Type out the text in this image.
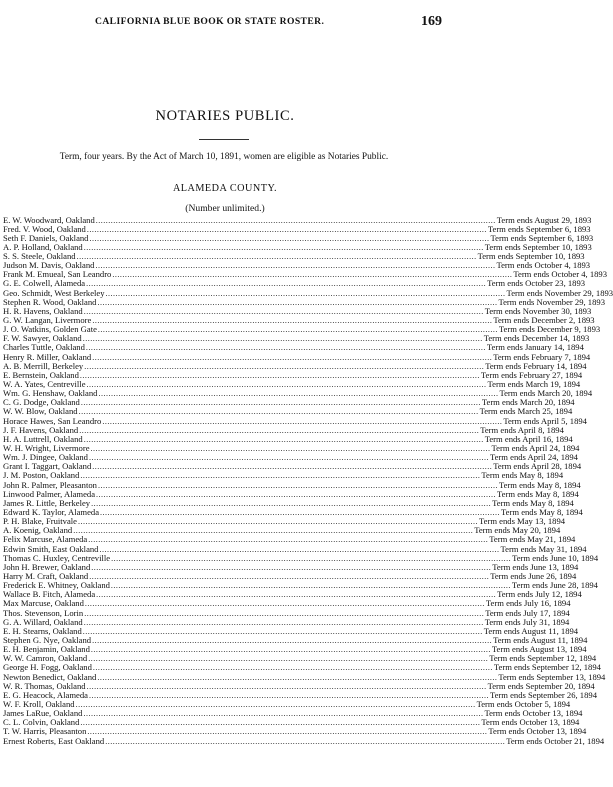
CALIFORNIA BLUE BOOK OR STATE ROSTER.	169
NOTARIES PUBLIC.
Term, four years. By the Act of March 10, 1891, women are eligible as Notaries Public.
ALAMEDA COUNTY.
(Number unlimited.)
E. W. Woodward, Oakland ................................................................................................................................................................ Term ends August 29, 1893
Fred. V. Wood, Oakland ................................................................................................................................................................ Term ends September 6, 1893
Seth F. Daniels, Oakland ................................................................................................................................................................ Term ends September 6, 1893
A. P. Holland, Oakland ................................................................................................................................................................ Term ends September 10, 1893
S. S. Steele, Oakland ................................................................................................................................................................ Term ends September 10, 1893
Judson M. Davis, Oakland ................................................................................................................................................................ Term ends October 4, 1893
Frank M. Emueal, San Leandro ................................................................................................................................................................ Term ends October 4, 1893
G. E. Colwell, Alameda ................................................................................................................................................................ Term ends October 23, 1893
Geo. Schmidt, West Berkeley ................................................................................................................................................................ Term ends November 29, 1893
Stephen R. Wood, Oakland ................................................................................................................................................................ Term ends November 29, 1893
H. R. Havens, Oakland ................................................................................................................................................................ Term ends November 30, 1893
G. W. Langan, Livermore ................................................................................................................................................................ Term ends December 2, 1893
J. O. Watkins, Golden Gate ................................................................................................................................................................ Term ends December 9, 1893
F. W. Sawyer, Oakland ................................................................................................................................................................ Term ends December 14, 1893
Charles Tuttle, Oakland ................................................................................................................................................................ Term ends January 14, 1894
Henry R. Miller, Oakland ................................................................................................................................................................ Term ends February 7, 1894
A. B. Merrill, Berkeley ................................................................................................................................................................ Term ends February 14, 1894
E. Bernstein, Oakland ................................................................................................................................................................ Term ends February 27, 1894
W. A. Yates, Centreville ................................................................................................................................................................ Term ends March 19, 1894
Wm. G. Henshaw, Oakland ................................................................................................................................................................ Term ends March 20, 1894
C. G. Dodge, Oakland ................................................................................................................................................................ Term ends March 20, 1894
W. W. Blow, Oakland ................................................................................................................................................................ Term ends March 25, 1894
Horace Hawes, San Leandro ................................................................................................................................................................ Term ends April 5, 1894
J. F. Havens, Oakland ................................................................................................................................................................ Term ends April 8, 1894
H. A. Luttrell, Oakland ................................................................................................................................................................ Term ends April 16, 1894
W. H. Wright, Livermore ................................................................................................................................................................ Term ends April 24, 1894
Wm. J. Dingee, Oakland ................................................................................................................................................................ Term ends April 24, 1894
Grant I. Taggart, Oakland ................................................................................................................................................................ Term ends April 28, 1894
J. M. Poston, Oakland ................................................................................................................................................................ Term ends May 8, 1894
John R. Palmer, Pleasanton ................................................................................................................................................................ Term ends May 8, 1894
Linwood Palmer, Alameda ................................................................................................................................................................ Term ends May 8, 1894
James R. Little, Berkeley ................................................................................................................................................................ Term ends May 8, 1894
Edward K. Taylor, Alameda ................................................................................................................................................................ Term ends May 8, 1894
P. H. Blake, Fruitvale ................................................................................................................................................................ Term ends May 13, 1894
A. Koenig, Oakland ................................................................................................................................................................ Term ends May 20, 1894
Felix Marcuse, Alameda ................................................................................................................................................................ Term ends May 21, 1894
Edwin Smith, East Oakland ................................................................................................................................................................ Term ends May 31, 1894
Thomas C. Huxley, Centreville ................................................................................................................................................................ Term ends June 10, 1894
John H. Brewer, Oakland ................................................................................................................................................................ Term ends June 13, 1894
Harry M. Craft, Oakland ................................................................................................................................................................ Term ends June 26, 1894
Frederick E. Whitney, Oakland ................................................................................................................................................................ Term ends June 28, 1894
Wallace B. Fitch, Alameda ................................................................................................................................................................ Term ends July 12, 1894
Max Marcuse, Oakland ................................................................................................................................................................ Term ends July 16, 1894
Thos. Stevenson, Lorin ................................................................................................................................................................ Term ends July 17, 1894
G. A. Willard, Oakland ................................................................................................................................................................ Term ends July 31, 1894
E. H. Stearns, Oakland ................................................................................................................................................................ Term ends August 11, 1894
Stephen G. Nye, Oakland ................................................................................................................................................................ Term ends August 11, 1894
E. H. Benjamin, Oakland ................................................................................................................................................................ Term ends August 13, 1894
W. W. Camron, Oakland ................................................................................................................................................................ Term ends September 12, 1894
George H. Fogg, Oakland ................................................................................................................................................................ Term ends September 12, 1894
Newton Benedict, Oakland ................................................................................................................................................................ Term ends September 13, 1894
W. R. Thomas, Oakland ................................................................................................................................................................ Term ends September 20, 1894
E. G. Heacock, Alameda ................................................................................................................................................................ Term ends September 26, 1894
W. F. Kroll, Oakland ................................................................................................................................................................ Term ends October 5, 1894
James LaRue, Oakland ................................................................................................................................................................ Term ends October 13, 1894
C. L. Colvin, Oakland ................................................................................................................................................................ Term ends October 13, 1894
T. W. Harris, Pleasanton ................................................................................................................................................................ Term ends October 13, 1894
Ernest Roberts, East Oakland ................................................................................................................................................................ Term ends October 21, 1894
